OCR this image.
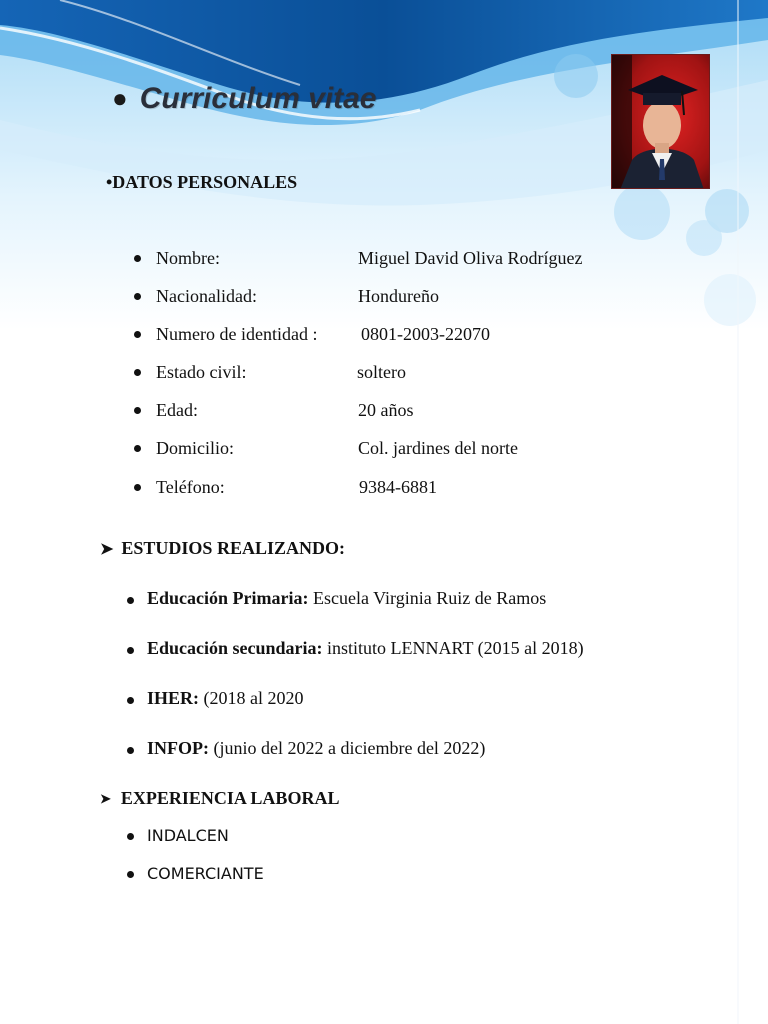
● Curriculum vitae
•DATOS PERSONALES
Nombre:	Miguel David Oliva Rodríguez
Nacionalidad:	Hondureño
Numero de identidad : 0801-2003-22070
Estado civil:	soltero
Edad:	20 años
Domicilio:	Col. jardines del norte
Teléfono:	9384-6881
➤ ESTUDIOS REALIZANDO:
Educación Primaria: Escuela Virginia Ruiz de Ramos
Educación secundaria: instituto LENNART (2015 al 2018)
IHER: (2018 al 2020
INFOP: (junio del 2022 a diciembre del 2022)
➤ EXPERIENCIA LABORAL
INDALCEN
COMERCIANTE
